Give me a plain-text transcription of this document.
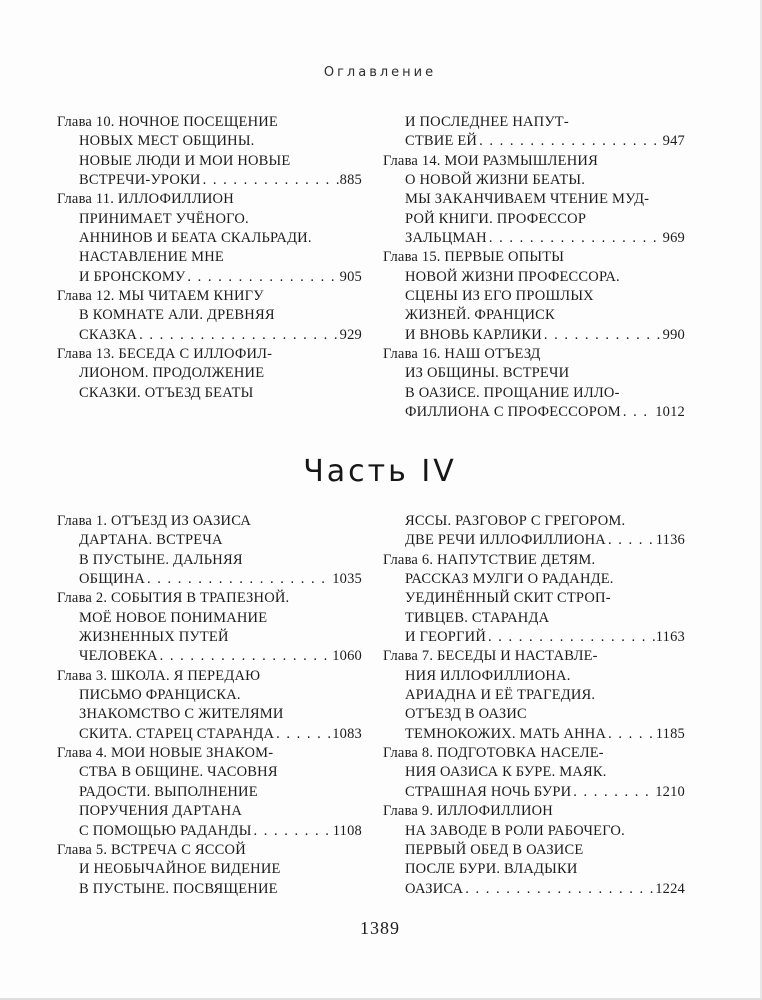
Оглавление
Глава 10. НОЧНОЕ ПОСЕЩЕНИЕ
НОВЫХ МЕСТ ОБЩИНЫ.
НОВЫЕ ЛЮДИ И МОИ НОВЫЕ
ВСТРЕЧИ-УРОКИ . . .	885
Глава 11. ИЛЛОФИЛЛИОН
ПРИНИМАЕТ УЧЁНОГО.
АННИНОВ И БЕАТА СКАЛЬРАДИ.
НАСТАВЛЕНИЕ МНЕ
И БРОНСКОМУ . . .	905
Глава 12. МЫ ЧИТАЕМ КНИГУ
В КОМНАТЕ АЛИ. ДРЕВНЯЯ
СКАЗКА . . .	929
Глава 13. БЕСЕДА С ИЛЛОФИЛ-
ЛИОНОМ. ПРОДОЛЖЕНИЕ
СКАЗКИ. ОТЪЕЗД БЕАТЫ
И ПОСЛЕДНЕЕ НАПУТ-
СТВИЕ ЕЙ . . .	947
Глава 14. МОИ РАЗМЫШЛЕНИЯ
О НОВОЙ ЖИЗНИ БЕАТЫ.
МЫ ЗАКАНЧИВАЕМ ЧТЕНИЕ МУД-
РОЙ КНИГИ. ПРОФЕССОР
ЗАЛЬЦМАН . . .	969
Глава 15. ПЕРВЫЕ ОПЫТЫ
НОВОЙ ЖИЗНИ ПРОФЕССОРА.
СЦЕНЫ ИЗ ЕГО ПРОШЛЫХ
ЖИЗНЕЙ. ФРАНЦИСК
И ВНОВЬ КАРЛИКИ . . .	990
Глава 16. НАШ ОТЪЕЗД
ИЗ ОБЩИНЫ. ВСТРЕЧИ
В ОАЗИСЕ. ПРОЩАНИЕ ИЛЛО-
ФИЛЛИОНА С ПРОФЕССОРОМ . . . 1012
Часть IV
Глава 1. ОТЪЕЗД ИЗ ОАЗИСА
ДАРТАНА. ВСТРЕЧА
В ПУСТЫНЕ. ДАЛЬНЯЯ
ОБЩИНА . . .	1035
Глава 2. СОБЫТИЯ В ТРАПЕЗНОЙ.
МОЁ НОВОЕ ПОНИМАНИЕ
ЖИЗНЕННЫХ ПУТЕЙ
ЧЕЛОВЕКА . . .	1060
Глава 3. ШКОЛА. Я ПЕРЕДАЮ
ПИСЬМО ФРАНЦИСКА.
ЗНАКОМСТВО С ЖИТЕЛЯМИ
СКИТА. СТАРЕЦ СТАРАНДА . . .	1083
Глава 4. МОИ НОВЫЕ ЗНАКОМ-
СТВА В ОБЩИНЕ. ЧАСОВНЯ
РАДОСТИ. ВЫПОЛНЕНИЕ
ПОРУЧЕНИЯ ДАРТАНА
С ПОМОЩЬЮ РАДАНДЫ . . .	1108
Глава 5. ВСТРЕЧА С ЯССОЙ
И НЕОБЫЧАЙНОЕ ВИДЕНИЕ
В ПУСТЫНЕ. ПОСВЯЩЕНИЕ
ЯССЫ. РАЗГОВОР С ГРЕГОРОМ.
ДВЕ РЕЧИ ИЛЛОФИЛЛИОНА . . .	1136
Глава 6. НАПУТСТВИЕ ДЕТЯМ.
РАССКАЗ МУЛГИ О РАДАНДЕ.
УЕДИНЁННЫЙ СКИТ СТРОП-
ТИВЦЕВ. СТАРАНДА
И ГЕОРГИЙ . . .	1163
Глава 7. БЕСЕДЫ И НАСТАВЛЕ-
НИЯ ИЛЛОФИЛЛИОНА.
АРИАДНА И ЕЁ ТРАГЕДИЯ.
ОТЪЕЗД В ОАЗИС
ТЕМНОКОЖИХ. МАТЬ АННА . . .	1185
Глава 8. ПОДГОТОВКА НАСЕЛЕ-
НИЯ ОАЗИСА К БУРЕ. МАЯК.
СТРАШНАЯ НОЧЬ БУРИ . . .	1210
Глава 9. ИЛЛОФИЛЛИОН
НА ЗАВОДЕ В РОЛИ РАБОЧЕГО.
ПЕРВЫЙ ОБЕД В ОАЗИСЕ
ПОСЛЕ БУРИ. ВЛАДЫКИ
ОАЗИСА . . .	1224
1389
